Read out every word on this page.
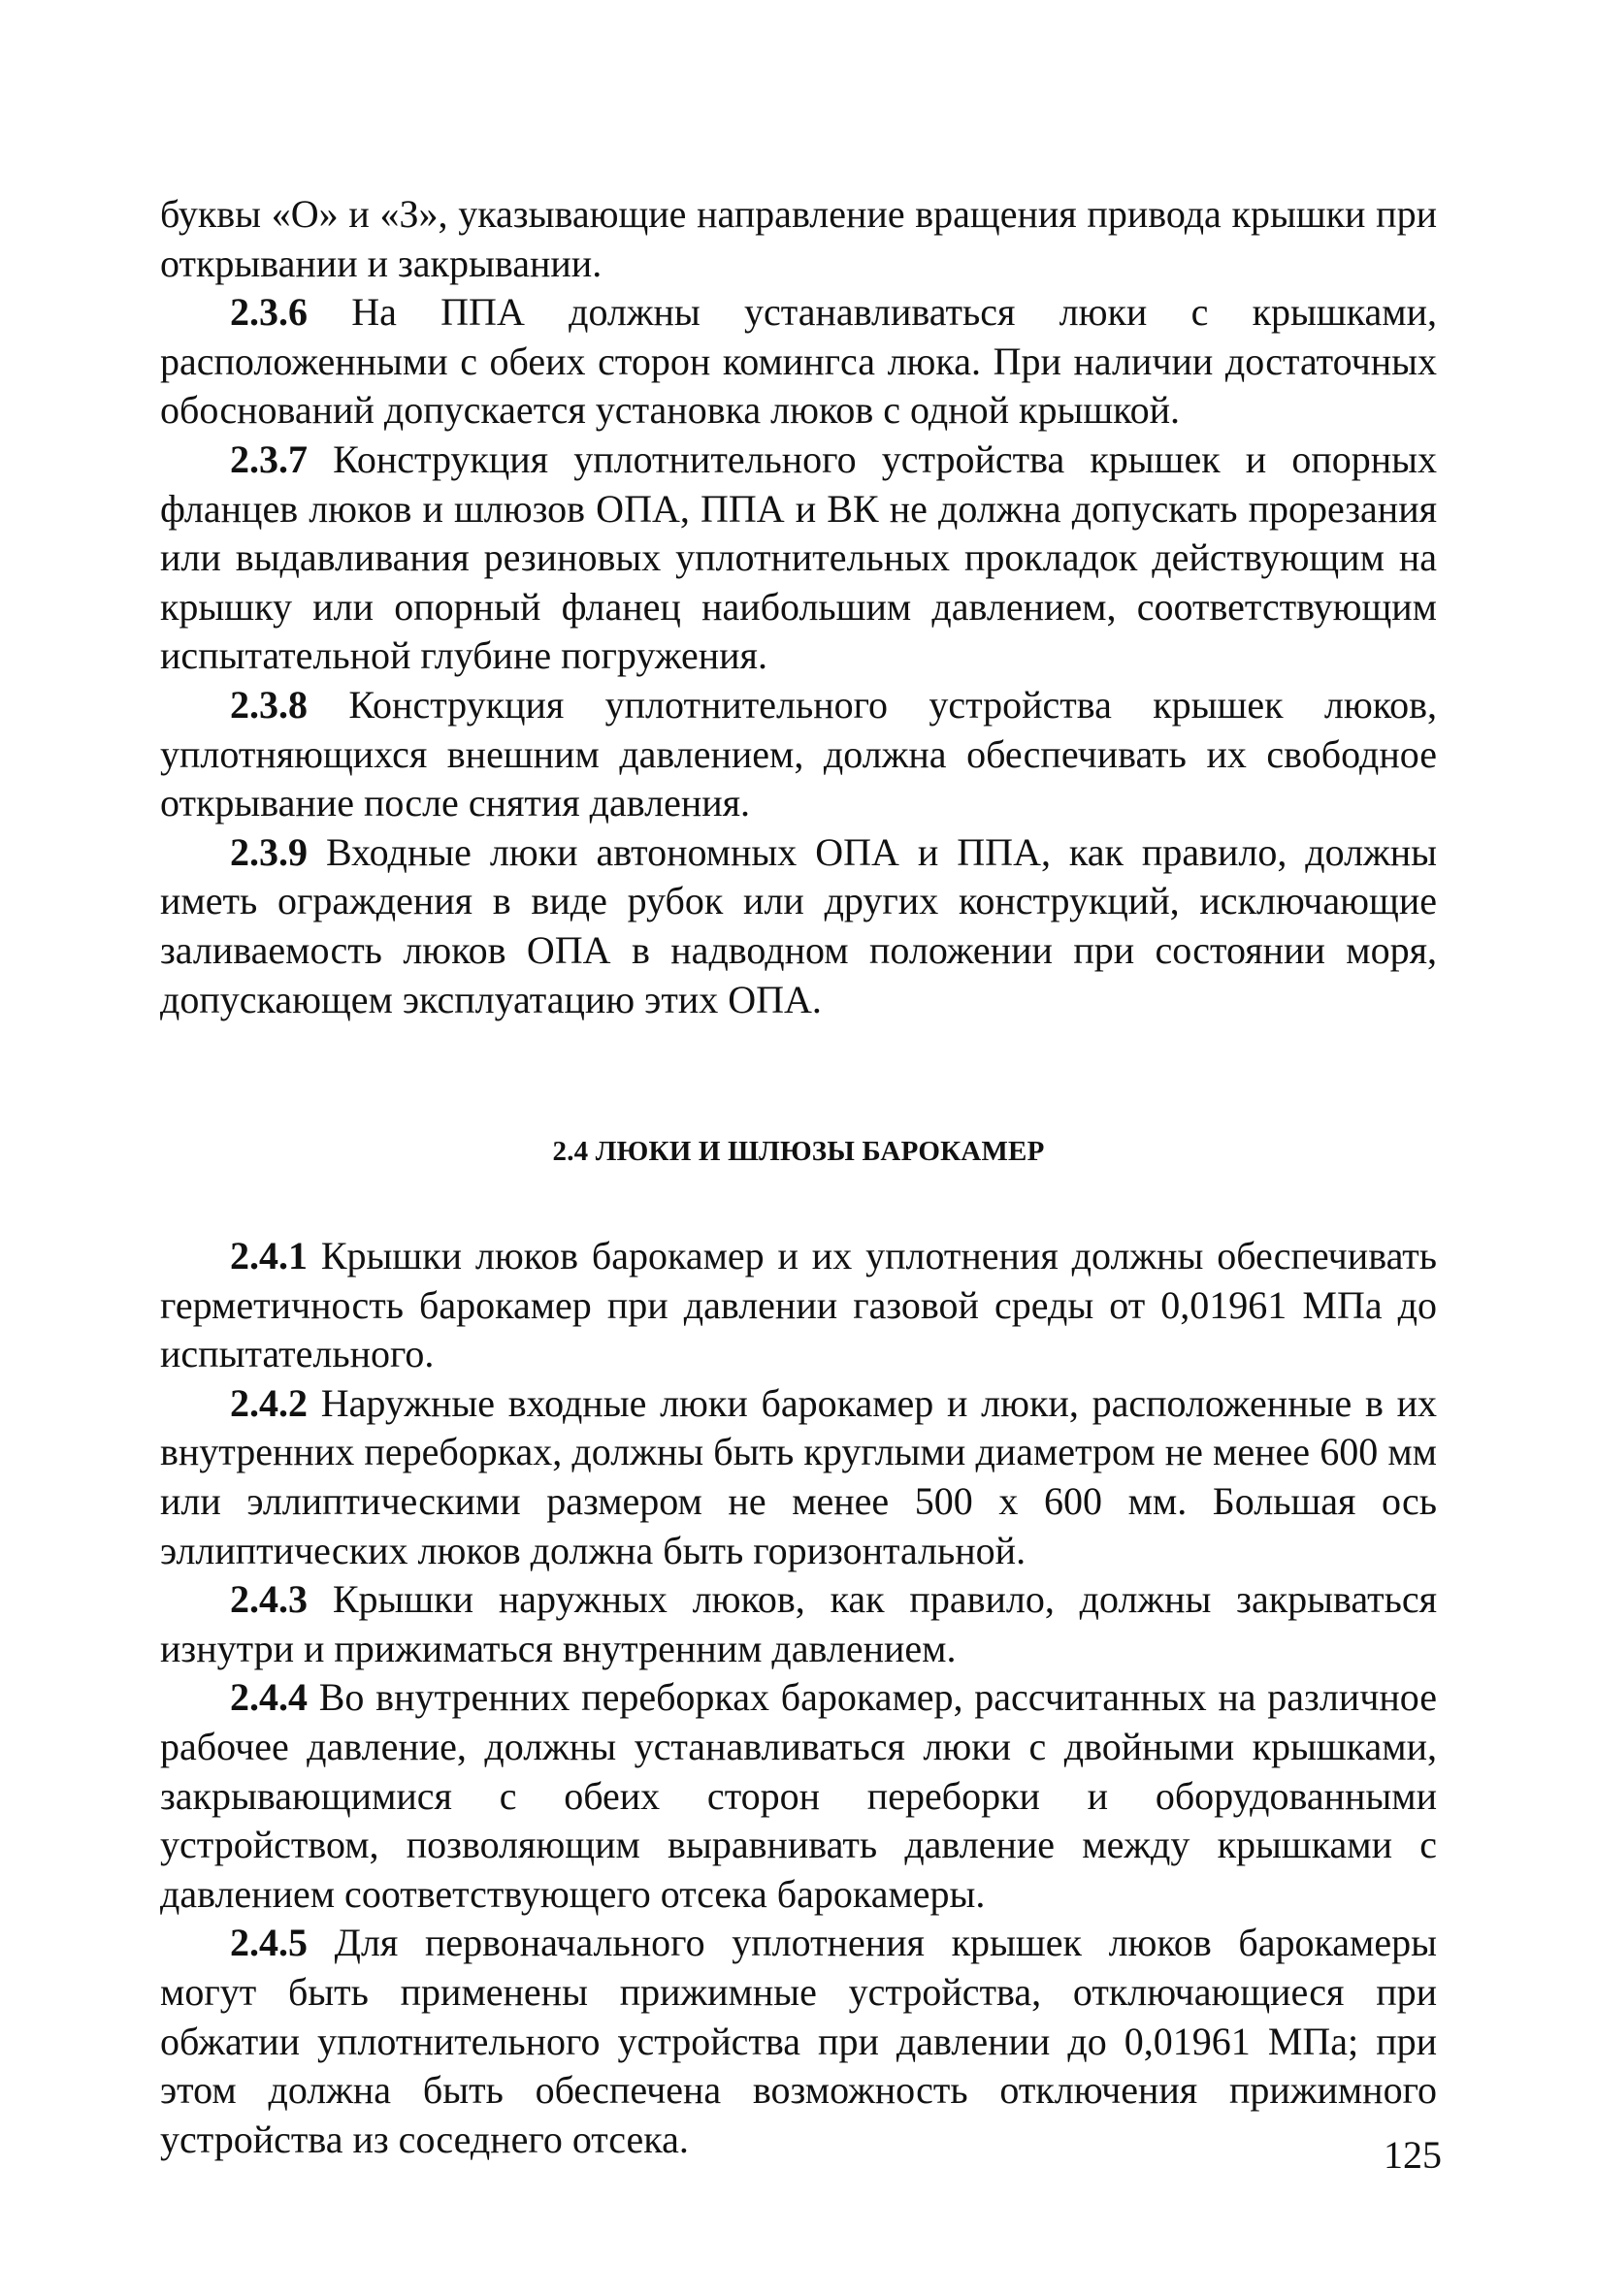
буквы «О» и «З», указывающие направление вращения привода крышки при открывании и закрывании.

2.3.6 На ППА должны устанавливаться люки с крышками, расположенными с обеих сторон комингса люка. При наличии достаточных обоснований допускается установка люков с одной крышкой.

2.3.7 Конструкция уплотнительного устройства крышек и опорных фланцев люков и шлюзов ОПА, ППА и ВК не должна допускать прорезания или выдавливания резиновых уплотнительных прокладок действующим на крышку или опорный фланец наибольшим давлением, соответствующим испытательной глубине погружения.

2.3.8 Конструкция уплотнительного устройства крышек люков, уплотняющихся внешним давлением, должна обеспечивать их свободное открывание после снятия давления.

2.3.9 Входные люки автономных ОПА и ППА, как правило, должны иметь ограждения в виде рубок или других конструкций, исключающие заливаемость люков ОПА в надводном положении при состоянии моря, допускающем эксплуатацию этих ОПА.

2.4 ЛЮКИ И ШЛЮЗЫ БАРОКАМЕР

2.4.1 Крышки люков барокамер и их уплотнения должны обеспечивать герметичность барокамер при давлении газовой среды от 0,01961 МПа до испытательного.

2.4.2 Наружные входные люки барокамер и люки, расположенные в их внутренних переборках, должны быть круглыми диаметром не менее 600 мм или эллиптическими размером не менее 500 х 600 мм. Большая ось эллиптических люков должна быть горизонтальной.

2.4.3 Крышки наружных люков, как правило, должны закрываться изнутри и прижиматься внутренним давлением.

2.4.4 Во внутренних переборках барокамер, рассчитанных на различное рабочее давление, должны устанавливаться люки с двойными крышками, закрывающимися с обеих сторон переборки и оборудованными устройством, позволяющим выравнивать давление между крышками с давлением соответствующего отсека барокамеры.

2.4.5 Для первоначального уплотнения крышек люков барокамеры могут быть применены прижимные устройства, отключающиеся при обжатии уплотнительного устройства при давлении до 0,01961 МПа; при этом должна быть обеспечена возможность отключения прижимного устройства из соседнего отсека.	125
